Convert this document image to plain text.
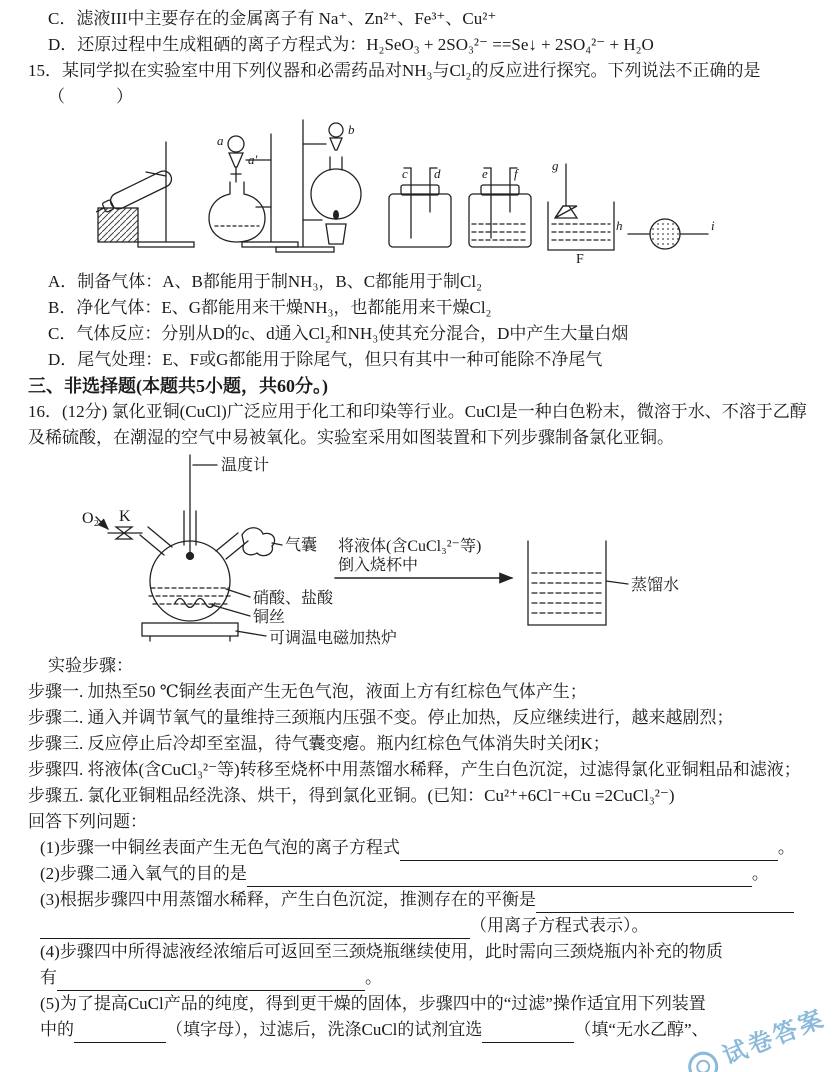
C．滤液III中主要存在的金属离子有 Na⁺、Zn²⁺、Fe³⁺、Cu²⁺

D．还原过程中生成粗硒的离子方程式为：H₂SeO₃ + 2SO₃²⁻ ==Se↓ + 2SO₄²⁻ + H₂O

15．某同学拟在实验室中用下列仪器和必需药品对NH₃与Cl₂的反应进行探究。下列说法不正确的是

（　　　）

a
a′
b
c d	e f
g
h	i
F

A．制备气体：A、B都能用于制NH₃，B、C都能用于制Cl₂

B．净化气体：E、G都能用来干燥NH₃，也都能用来干燥Cl₂

C．气体反应：分别从D的c、d通入Cl₂和NH₃使其充分混合，D中产生大量白烟

D．尾气处理：E、F或G都能用于除尾气，但只有其中一种可能除不净尾气

三、非选择题(本题共5小题，共60分。)

16．(12分) 氯化亚铜(CuCl)广泛应用于化工和印染等行业。CuCl是一种白色粉末，微溶于水、不溶于乙醇及稀硫酸，在潮湿的空气中易被氧化。实验室采用如图装置和下列步骤制备氯化亚铜。

温度计
O₂ K
气囊 将液体(含CuCl₃²⁻等)
倒入烧杯中
硝酸、盐酸
铜丝
可调温电磁加热炉
蒸馏水

实验步骤：

步骤一. 加热至50 ℃铜丝表面产生无色气泡，液面上方有红棕色气体产生；

步骤二. 通入并调节氧气的量维持三颈瓶内压强不变。停止加热，反应继续进行，越来越剧烈；

步骤三. 反应停止后冷却至室温，待气囊变瘪。瓶内红棕色气体消失时关闭K；

步骤四. 将液体(含CuCl₃²⁻等)转移至烧杯中用蒸馏水稀释，产生白色沉淀，过滤得氯化亚铜粗品和滤液；

步骤五. 氯化亚铜粗品经洗涤、烘干，得到氯化亚铜。(已知：Cu²⁺+6Cl⁻+Cu =2CuCl₃²⁻)

回答下列问题：

(1)步骤一中铜丝表面产生无色气泡的离子方程式	。

(2)步骤二通入氧气的目的是	。

(3)根据步骤四中用蒸馏水稀释，产生白色沉淀，推测存在的平衡是

（用离子方程式表示）。

(4)步骤四中所得滤液经浓缩后可返回至三颈烧瓶继续使用，此时需向三颈烧瓶内补充的物质

有	。

(5)为了提高CuCl产品的纯度，得到更干燥的固体，步骤四中的“过滤”操作适宜用下列装置

中的	（填字母），过滤后，洗涤CuCl的试剂宜选	（填“无水乙醇”、 试卷答案
